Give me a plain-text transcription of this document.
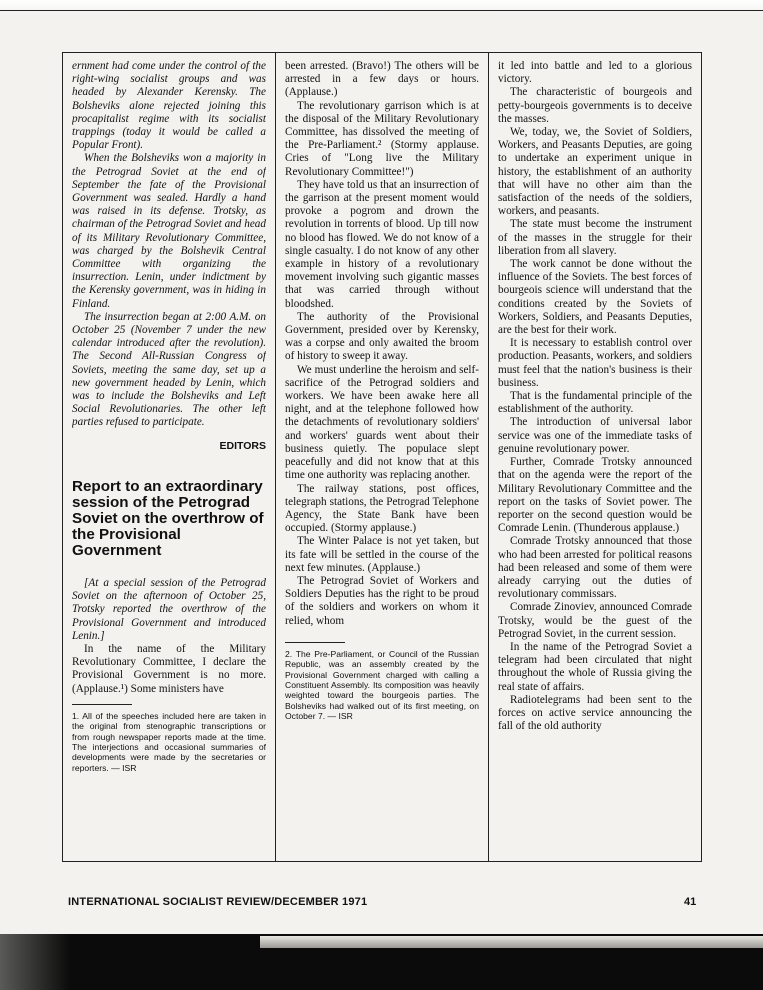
ernment had come under the control of the right-wing socialist groups and was headed by Alexander Kerensky. The Bolsheviks alone rejected joining this procapitalist regime with its socialist trappings (today it would be called a Popular Front).

When the Bolsheviks won a majority in the Petrograd Soviet at the end of September the fate of the Provisional Government was sealed. Hardly a hand was raised in its defense. Trotsky, as chairman of the Petrograd Soviet and head of its Military Revolutionary Committee, was charged by the Bolshevik Central Committee with organizing the insurrection. Lenin, under indictment by the Kerensky government, was in hiding in Finland.

The insurrection began at 2:00 A.M. on October 25 (November 7 under the new calendar introduced after the revolution). The Second All-Russian Congress of Soviets, meeting the same day, set up a new government headed by Lenin, which was to include the Bolsheviks and Left Social Revolutionaries. The other left parties refused to participate.

EDITORS
Report to an extraordinary session of the Petrograd Soviet on the overthrow of the Provisional Government

[At a special session of the Petrograd Soviet on the afternoon of October 25, Trotsky reported the overthrow of the Provisional Government and introduced Lenin.]

In the name of the Military Revolutionary Committee, I declare the Provisional Government is no more. (Applause.¹) Some ministers have

1. All of the speeches included here are taken in the original from stenographic transcriptions or from rough newspaper reports made at the time. The interjections and occasional summaries of developments were made by the secretaries or reporters. — ISR

been arrested. (Bravo!) The others will be arrested in a few days or hours. (Applause.)

The revolutionary garrison which is at the disposal of the Military Revolutionary Committee, has dissolved the meeting of the Pre-Parliament.² (Stormy applause. Cries of "Long live the Military Revolutionary Committee!")

They have told us that an insurrection of the garrison at the present moment would provoke a pogrom and drown the revolution in torrents of blood. Up till now no blood has flowed. We do not know of a single casualty. I do not know of any other example in history of a revolutionary movement involving such gigantic masses that was carried through without bloodshed.

The authority of the Provisional Government, presided over by Kerensky, was a corpse and only awaited the broom of history to sweep it away.

We must underline the heroism and self-sacrifice of the Petrograd soldiers and workers. We have been awake here all night, and at the telephone followed how the detachments of revolutionary soldiers' and workers' guards went about their business quietly. The populace slept peacefully and did not know that at this time one authority was replacing another.

The railway stations, post offices, telegraph stations, the Petrograd Telephone Agency, the State Bank have been occupied. (Stormy applause.)

The Winter Palace is not yet taken, but its fate will be settled in the course of the next few minutes. (Applause.)

The Petrograd Soviet of Workers and Soldiers Deputies has the right to be proud of the soldiers and workers on whom it relied, whom

2. The Pre-Parliament, or Council of the Russian Republic, was an assembly created by the Provisional Government charged with calling a Constituent Assembly. Its composition was heavily weighted toward the bourgeois parties. The Bolsheviks had walked out of its first meeting, on October 7. — ISR

it led into battle and led to a glorious victory.

The characteristic of bourgeois and petty-bourgeois governments is to deceive the masses.

We, today, we, the Soviet of Soldiers, Workers, and Peasants Deputies, are going to undertake an experiment unique in history, the establishment of an authority that will have no other aim than the satisfaction of the needs of the soldiers, workers, and peasants.

The state must become the instrument of the masses in the struggle for their liberation from all slavery.

The work cannot be done without the influence of the Soviets. The best forces of bourgeois science will understand that the conditions created by the Soviets of Workers, Soldiers, and Peasants Deputies, are the best for their work.

It is necessary to establish control over production. Peasants, workers, and soldiers must feel that the nation's business is their business.

That is the fundamental principle of the establishment of the authority.

The introduction of universal labor service was one of the immediate tasks of genuine revolutionary power.

Further, Comrade Trotsky announced that on the agenda were the report of the Military Revolutionary Committee and the report on the tasks of Soviet power. The reporter on the second question would be Comrade Lenin. (Thunderous applause.)

Comrade Trotsky announced that those who had been arrested for political reasons had been released and some of them were already carrying out the duties of revolutionary commissars.

Comrade Zinoviev, announced Comrade Trotsky, would be the guest of the Petrograd Soviet, in the current session.

In the name of the Petrograd Soviet a telegram had been circulated that night throughout the whole of Russia giving the real state of affairs.

Radiotelegrams had been sent to the forces on active service announcing the fall of the old authority

INTERNATIONAL SOCIALIST REVIEW/DECEMBER 1971	41
